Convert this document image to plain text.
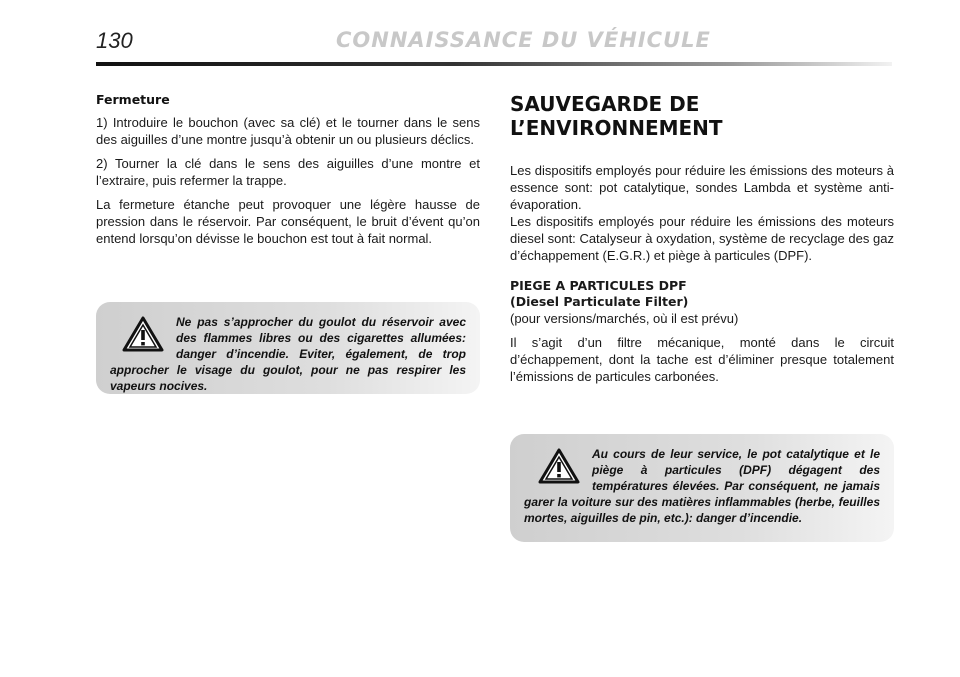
130	CONNAISSANCE DU VÉHICULE
Fermeture

1) Introduire le bouchon (avec sa clé) et le tourner dans le sens des aiguilles d’une montre jusqu’à obtenir un ou plusieurs déclics.

2) Tourner la clé dans le sens des aiguilles d’une montre et l’extraire, puis refermer la trappe.

La fermeture étanche peut provoquer une légère hausse de pression dans le réservoir. Par conséquent, le bruit d’évent qu’on entend lorsqu’on dévisse le bouchon est tout à fait normal.

Ne pas s’approcher du goulot du réservoir avec des flammes libres ou des cigarettes allumées: danger d’incendie. Eviter, également, de trop approcher le visage du goulot, pour ne pas respirer les vapeurs nocives.
SAUVEGARDE DE
L’ENVIRONNEMENT

Les dispositifs employés pour réduire les émissions des moteurs à essence sont: pot catalytique, sondes Lambda et système anti-évaporation.

Les dispositifs employés pour réduire les émissions des moteurs diesel sont: Catalyseur à oxydation, système de recyclage des gaz d’échappement (E.G.R.) et piège à particules (DPF).

PIEGE A PARTICULES DPF
(Diesel Particulate Filter)

(pour versions/marchés, où il est prévu)

Il s’agit d’un filtre mécanique, monté dans le circuit d’échappement, dont la tache est d’éliminer presque totalement l’émissions de particules carbonées.

Au cours de leur service, le pot catalytique et le piège à particules (DPF) dégagent des températures élevées. Par conséquent, ne jamais garer la voiture sur des matières inflammables (herbe, feuilles mortes, aiguilles de pin, etc.): danger d’incendie.
